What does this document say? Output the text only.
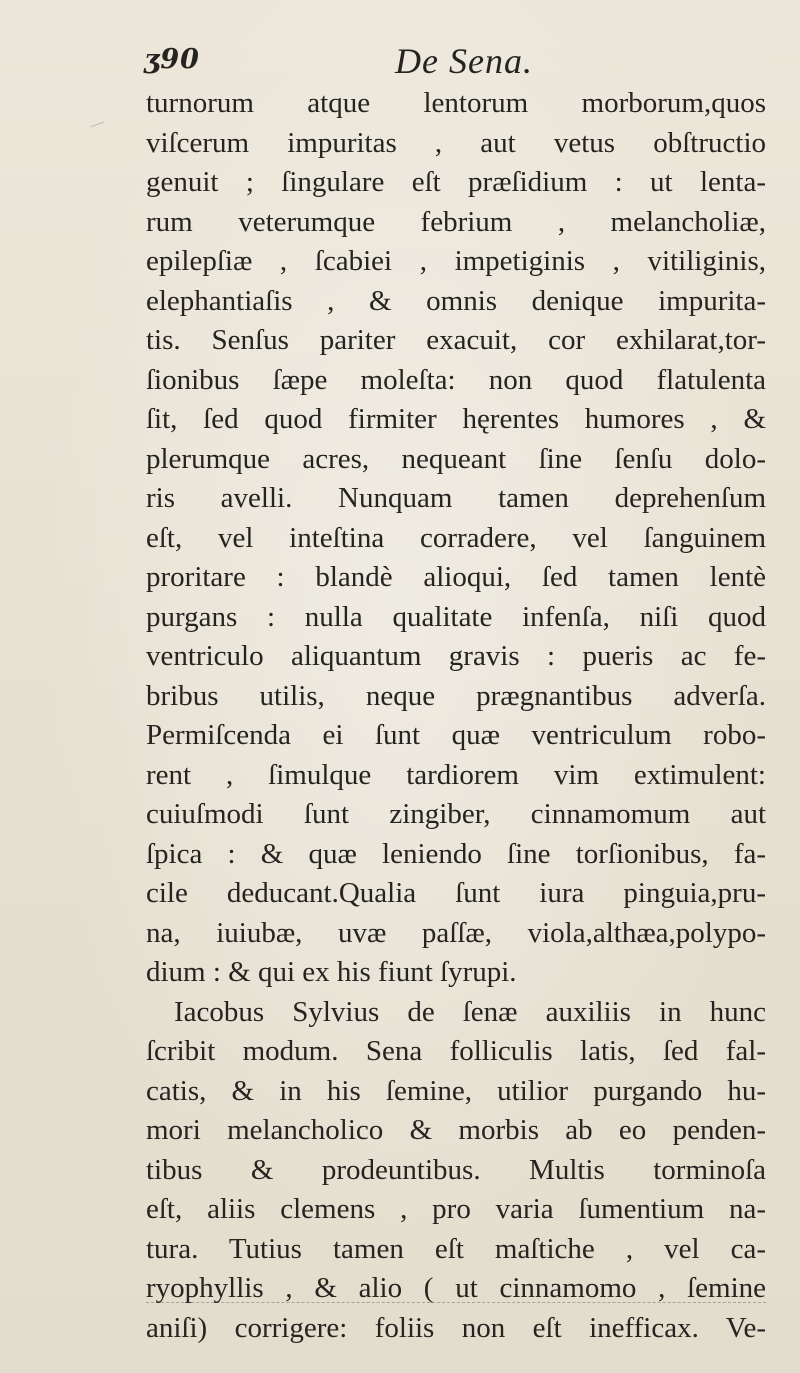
ʒ90	De Sena.
turnorum atque lentorum morborum,quos
viſcerum impuritas , aut vetus obſtructio
genuit ; ſingulare eſt præſidium : ut lenta-
rum veterumque febrium , melancholiæ,
epilepſiæ , ſcabiei , impetiginis , vitiliginis,
elephantiaſis , & omnis denique impurita-
tis. Senſus pariter exacuit, cor exhilarat,tor-
ſionibus ſæpe moleſta: non quod flatulenta
ſit, ſed quod firmiter hęrentes humores , &
plerumque acres, nequeant ſine ſenſu dolo-
ris avelli. Nunquam tamen deprehenſum
eſt, vel inteſtina corradere, vel ſanguinem
proritare : blandè alioqui, ſed tamen lentè
purgans : nulla qualitate infenſa, niſi quod
ventriculo aliquantum gravis : pueris ac fe-
bribus utilis, neque prægnantibus adverſa.
Permiſcenda ei ſunt quæ ventriculum robo-
rent , ſimulque tardiorem vim extimulent:
cuiuſmodi ſunt zingiber, cinnamomum aut
ſpica : & quæ leniendo ſine torſionibus, fa-
cile deducant.Qualia ſunt iura pinguia,pru-
na, iuiubæ, uvæ paſſæ, viola,althæa,polypo-
dium : & qui ex his fiunt ſyrupi.
Iacobus Sylvius de ſenæ auxiliis in hunc
ſcribit modum. Sena folliculis latis, ſed fal-
catis, & in his ſemine, utilior purgando hu-
mori melancholico & morbis ab eo penden-
tibus & prodeuntibus. Multis torminoſa
eſt, aliis clemens , pro varia ſumentium na-
tura. Tutius tamen eſt maſtiche , vel ca-
ryophyllis , & alio ( ut cinnamomo , ſemine
aniſi) corrigere: foliis non eſt inefficax. Ve-
